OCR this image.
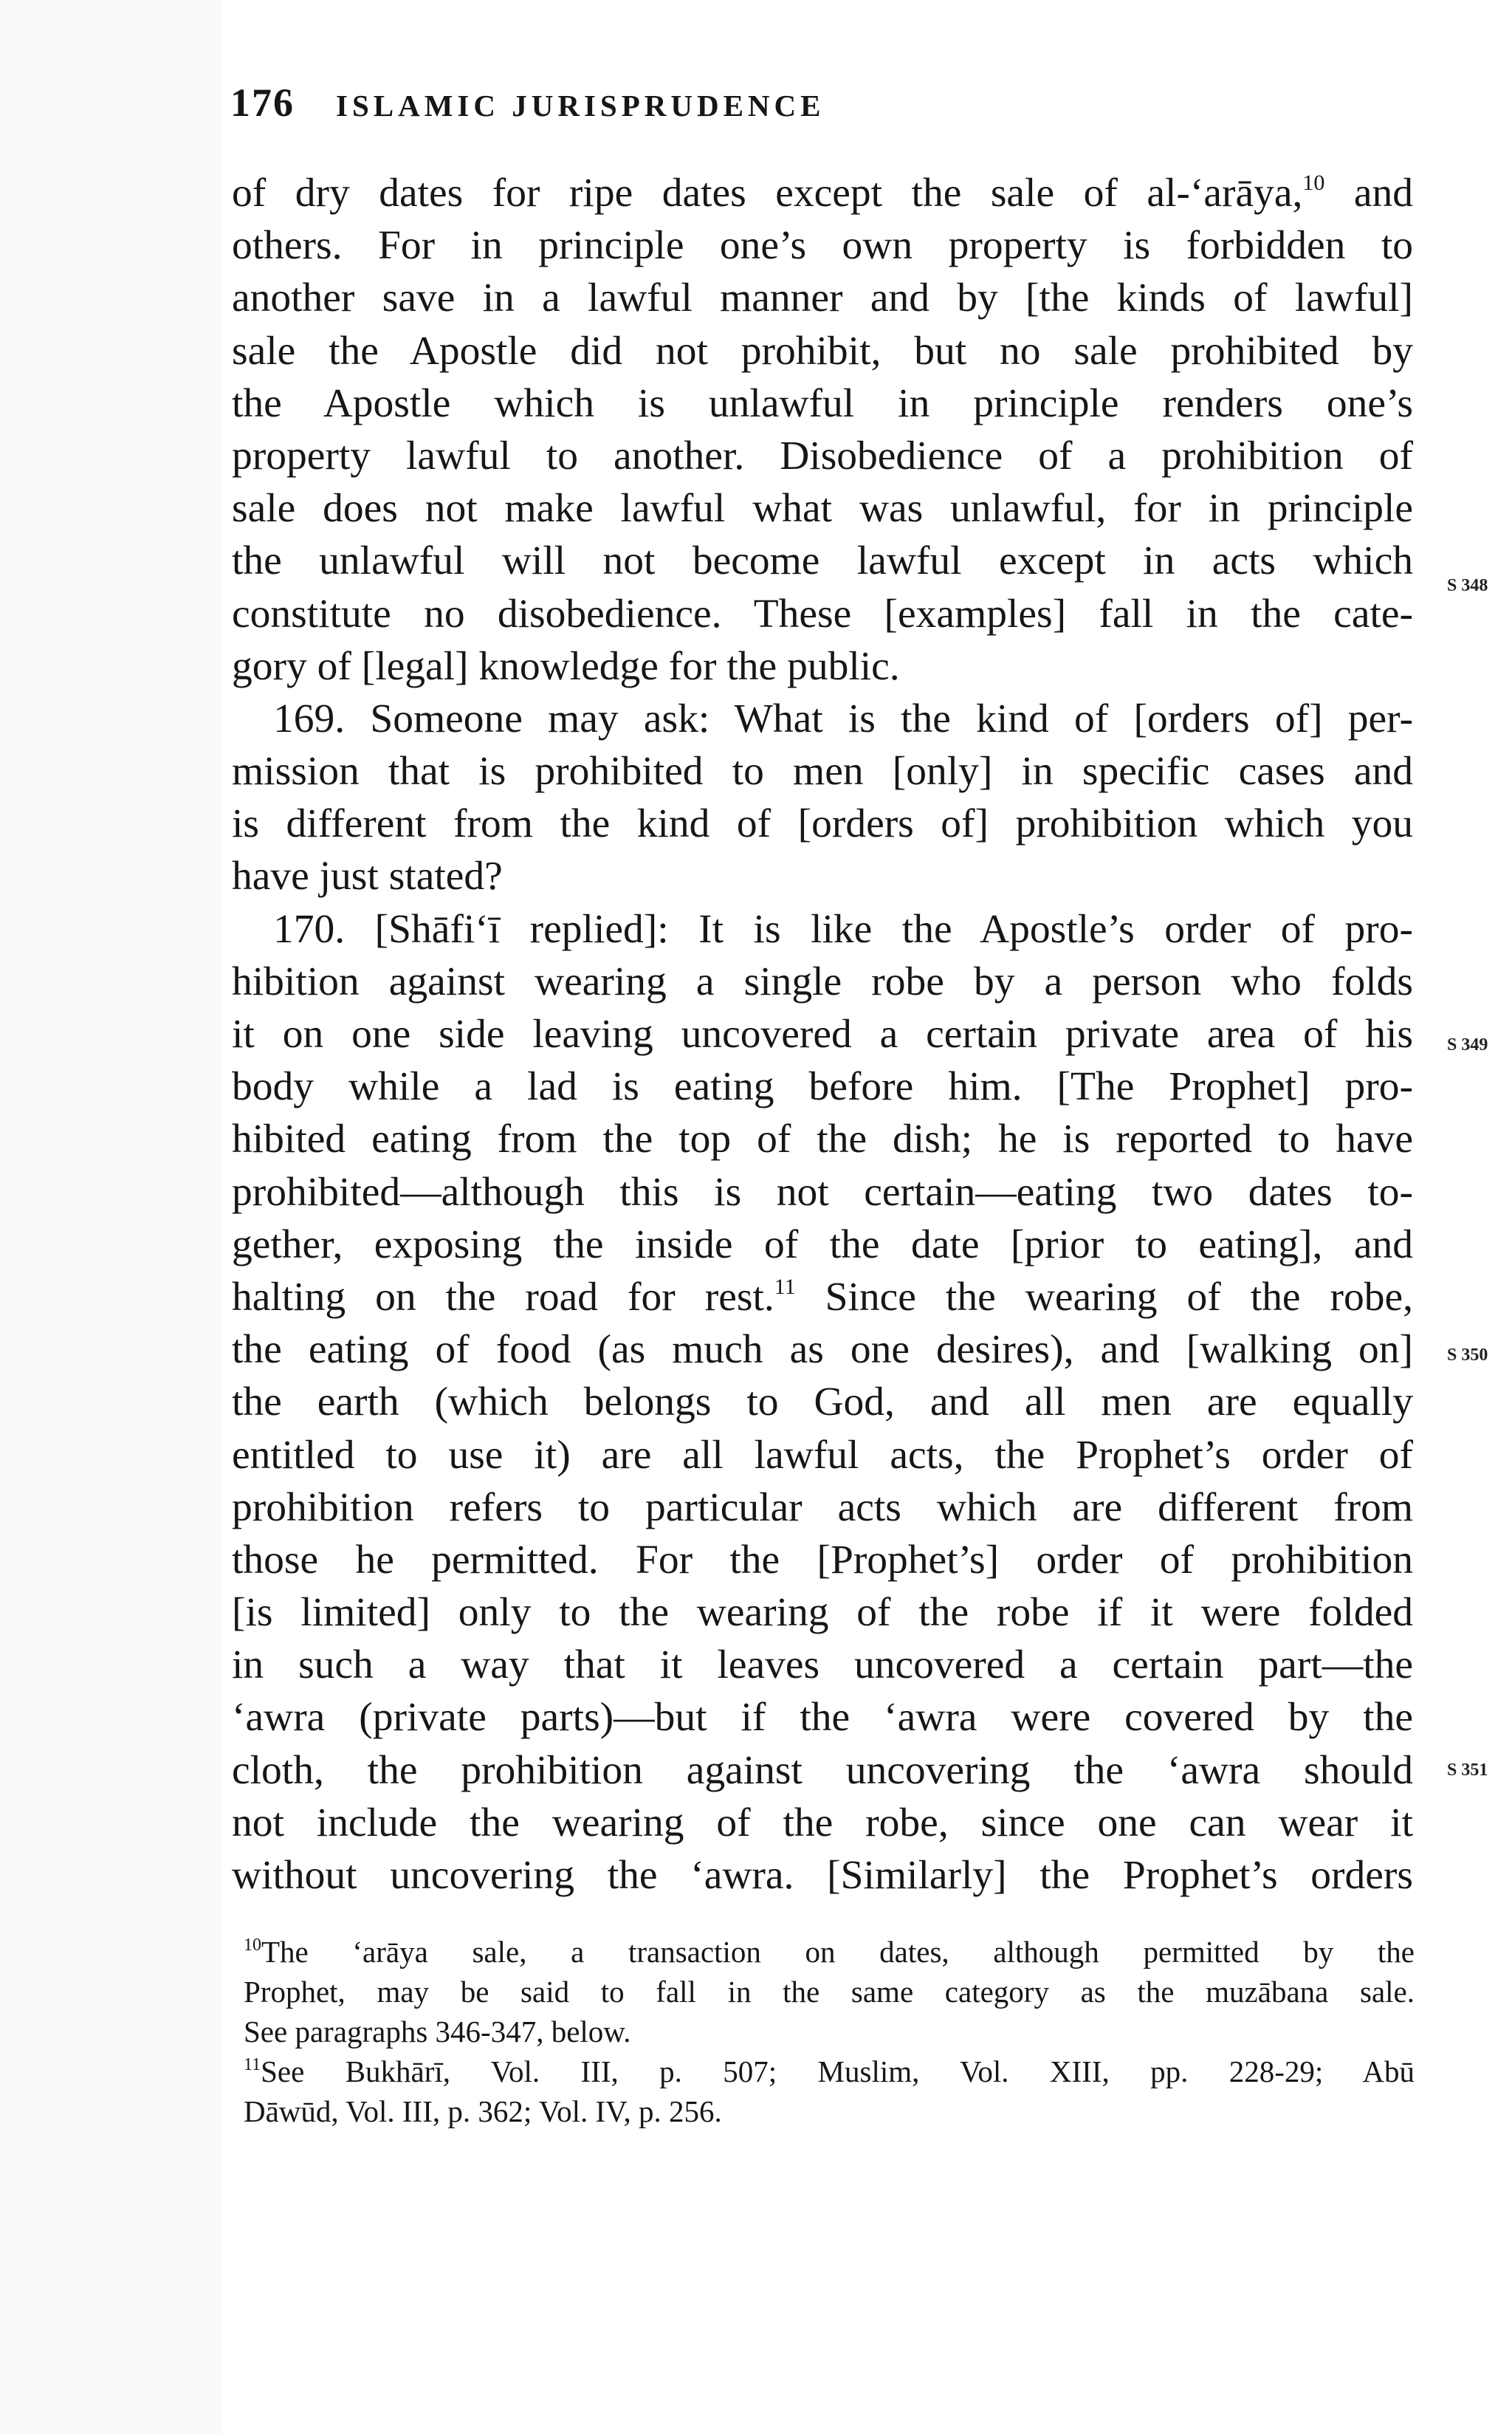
176 ISLAMIC JURISPRUDENCE
of dry dates for ripe dates except the sale of al-‘arāya,$^{10}$ and
others. For in principle one’s own property is forbidden to
another save in a lawful manner and by [the kinds of lawful]
sale the Apostle did not prohibit, but no sale prohibited by
the Apostle which is unlawful in principle renders one’s
property lawful to another. Disobedience of a prohibition of
sale does not make lawful what was unlawful, for in principle
the unlawful will not become lawful except in acts which
constitute no disobedience. These [examples] fall in the cate-
gory of [legal] knowledge for the public.
169. Someone may ask: What is the kind of [orders of] per-
mission that is prohibited to men [only] in specific cases and
is different from the kind of [orders of] prohibition which you
have just stated?
170. [Shāfi‘ī replied]: It is like the Apostle’s order of pro-
hibition against wearing a single robe by a person who folds
it on one side leaving uncovered a certain private area of his
body while a lad is eating before him. [The Prophet] pro-
hibited eating from the top of the dish; he is reported to have
prohibited—although this is not certain—eating two dates to-
gether, exposing the inside of the date [prior to eating], and
halting on the road for rest.$^{11}$ Since the wearing of the robe,
the eating of food (as much as one desires), and [walking on]
the earth (which belongs to God, and all men are equally
entitled to use it) are all lawful acts, the Prophet’s order of
prohibition refers to particular acts which are different from
those he permitted. For the [Prophet’s] order of prohibition
[is limited] only to the wearing of the robe if it were folded
in such a way that it leaves uncovered a certain part—the
‘awra (private parts)—but if the ‘awra were covered by the
cloth, the prohibition against uncovering the ‘awra should
not include the wearing of the robe, since one can wear it
without uncovering the ‘awra. [Similarly] the Prophet’s orders
S 348
S 349
S 350
S 351
$^{10}$The ‘arāya sale, a transaction on dates, although permitted by the
Prophet, may be said to fall in the same category as the muzābana sale.
See paragraphs 346-347, below.
$^{11}$See Bukhārī, Vol. III, p. 507; Muslim, Vol. XIII, pp. 228-29; Abū
Dāwūd, Vol. III, p. 362; Vol. IV, p. 256.
